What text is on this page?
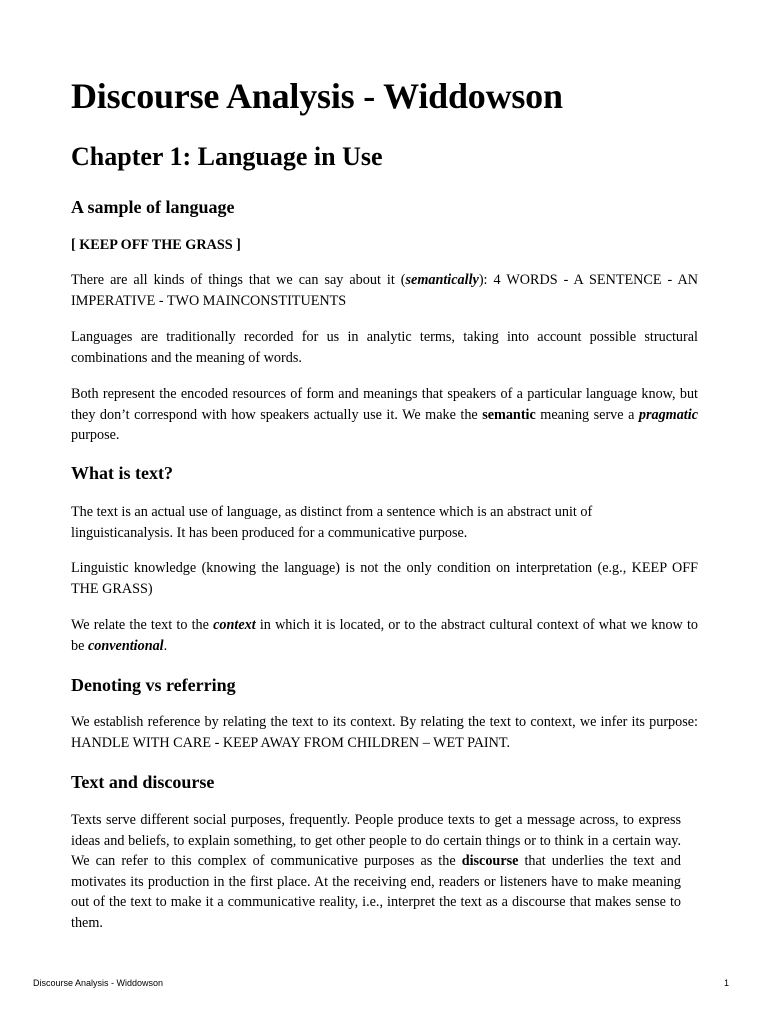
Discourse Analysis - Widdowson
Chapter 1: Language in Use
A sample of language

[ KEEP OFF THE GRASS ]

There are all kinds of things that we can say about it (semantically): 4 WORDS - A SENTENCE - AN IMPERATIVE - TWO MAINCONSTITUENTS

Languages are traditionally recorded for us in analytic terms, taking into account possible structural combinations and the meaning of words.

Both represent the encoded resources of form and meanings that speakers of a particular language know, but they don’t correspond with how speakers actually use it. We make the semantic meaning serve a pragmatic purpose.

What is text?

The text is an actual use of language, as distinct from a sentence which is an abstract unit of linguisticanalysis. It has been produced for a communicative purpose.

Linguistic knowledge (knowing the language) is not the only condition on interpretation (e.g., KEEP OFF THE GRASS)

We relate the text to the context in which it is located, or to the abstract cultural context of what we know to be conventional.

Denoting vs referring

We establish reference by relating the text to its context. By relating the text to context, we infer its purpose: HANDLE WITH CARE - KEEP AWAY FROM CHILDREN – WET PAINT.

Text and discourse

Texts serve different social purposes, frequently. People produce texts to get a message across, to express ideas and beliefs, to explain something, to get other people to do certain things or to think in a certain way. We can refer to this complex of communicative purposes as the discourse that underlies the text and motivates its production in the first place. At the receiving end, readers or listeners have to make meaning out of the text to make it a communicative reality, i.e., interpret the text as a discourse that makes sense to them.

Discourse Analysis - Widdowson	1
